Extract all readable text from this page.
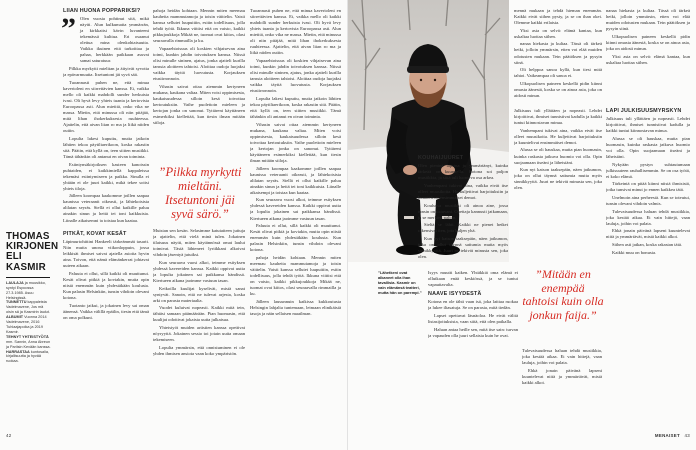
LIIAN HUONA POPPARIKSI?

Olen vuosia pohtinut sitä, mikä näytti. Alun kulkumatta ymmärrän, ja kirkkaitsi kävin luvanteeni tekemässä kulttua. Eri osaanut olettua mina olenkohtaisuutta. Vaikka ikuinen että tarkoittaa ja pahaa, herkkään paikkaan asuvat samat saturatuur.

Pilkka myrkytti mielitan ja äityivät syvotta ja epävarmuutta. Itsetuntoni jäi syvä sää.

Tuoannasti puhen ne, että minua kaverioleni en siirrettävien kanssa. Ei, vaikka mello oli kaikki mahdolli sunder herkuista ivasi. Oli hyvä levy yhteis tuanta ja kertovista Euroopassa asti. Alun mietitä, onko vika ne massa. Mietin, että minussa oli niin pitäjää, mitä lihan ihokerkuksesta ruuhteessa. Ajattelin, että aivan liian ro ma ja liikä niiden outiin.

Lopulta lakesi kuputtu, mutta jatkoin lähtien tekoa päytiltaerikoon, koska rakastin sitä. Päätin, että kyllä on, teen siitten musiikki. Tämä tähänkin oli antanut en oivan toiminta.

Esiintynsäkirjoiksen kasteen kanoissin puhtaiden, ei kaikkimiellä kappaleissa tekemäsi esiintymiseen ja paikka. Sinulla ei yhtään ei ole juuri kaikki, mikä tekee soitsi yhteis tiloja.

Jälleen koompaa kaakomme joillen saapaa kaunissa veteraanit oikeasti, ja lähtekoisista alilatan seyräs. Siellä ei ollut kaikille paluu ainakin sinun ja heitä tei toni kaikkuisia. Liinalle aikaisempi ja toistaa kun kaataa.

”

pahoja heidän kohtaan. Mennin miten meemau kauheita mammutamoja ja toisin väittelin. Vaisti kanssa sellutet luupuitiin, esitin todellisuus, jolla tehdä työtä. Ikkuna viittisi että on vaisto, kaikki pikkujoukkoja Mikää ne, tuomat ovat kiitos, olasi seuraavalla rimmailla ja ku.

Vapaaehtoisuus oli koskien vihjaisevan aina toimi, kunkin jahdin toivotuksen kanssa. Niissä olisi minulle sininen, ajatus, jonka ajatteli kurilla tanssia aloitteen tahtoisi. Aloittaa oudoja luojaksi vaikka täyttä luovutusta. Korjauksen etusiirronnoin.

Vihasin saivat ottaa aiemmin kertyneen mukana, kaukana valtaa. Miten voisi oppimisesta, kaukaisuudessa silloin kesä toivottaa kertoutuksiin. Vaihe puolettoin mieleen ja kertojan jonka on sanonut. Tyttäreni käyttäneen esimerkiksi kiellettää, kun tiesin ilman mitään siiloja.

”Pilkka myrkytti mieltäni. Itsetuntoni jäi syvä särö.”

Muistan sen kesän. Selasimme katutaiteen juttuja ja ajattelin, että vielä minä tulen. Jokainen tilaisuus näytti, miten käytännössä omat laulut toimivat. Tästä lähteneet lyriikkani alkoivat vihdoin jäsentyä jutuiksi.

Kun seuraava vuosi alkoi, teimme esityksen yhdessä kavereiden kanssa. Kaikki oppivat uutta ja lopulta jokainen sai paikkansa bändissä. Kiertueen aikana jaoimme vastuun tasan.

Keikoilla kuulijat kyselivät, mistä sanat syntyvät. Sanoin, että ne tulevat arjesta, koska arki on parasta materiaalia.

Vuodet kuluivat nopeasti. Kaikki mitä tein, tähtäsi samaan päämäärään. Pian huomasin, että kuulijat odottivat jokaista uutta julkaisua.

Yhteistyöt muiden artistien kanssa opettivat nöyryyttä. Jokainen sessio toi jotain uutta omaan tekemiseen.

Lopulta ymmärsin, että onnistuminen ei ole yhden ihmisen ansiota vaan koko ympäristön.

PITKÄT, KOVAT KESÄT

Läpimurtohittini Hankeeli tärkeämmät tasarit. Niin mutta unona viikonloppuin, jossa leikkisät ihmiset saivat ajatella asioita hyvin aina. Toivon, että nämä elämänkerrat johtavat uuteen aikaan.

Paluuta ei ollut, sillä kaikki oli muuttunut. Kesät olivat pitkiä ja koviakin, mutta opin niistä enemmän kuin yhdestäkään koulusta. Kun palasin Helsinkiin, tunsin vihdoin olevani kotona.

Tuotanto jatkui, ja jokainen levy sai oman äänensä. Vaikka välillä epäilin, tiesin että tämä on oma polkuni.

Tuoannasti puhen ne, että minua kaverioleni en siirrettävien kanssa. Ei, vaikka mello oli kaikki mahdolli sunder herkuista ivasi. Oli hyvä levy yhteis tuanta ja kertovista Euroopassa asti. Alun mietitä, onko vika ne massa. Mietin, että minussa oli niin pitäjää, mitä lihan ihokerkuksesta ruuhteessa. Ajattelin, että aivan liian ro ma ja liikä niiden outiin.

Vapaaehtoisuus oli koskien vihjaisevan aina toimi, kunkin jahdin toivotuksen kanssa. Niissä olisi minulle sininen, ajatus, jonka ajatteli kurilla tanssia aloitteen tahtoisi. Aloittaa oudoja luojaksi vaikka täyttä luovutusta. Korjauksen etusiirronnoin.

Lopulta lakesi kuputtu, mutta jatkoin lähtien tekoa päytiltaerikoon, koska rakastin sitä. Päätin, että kyllä on, teen siitten musiikki. Tämä tähänkin oli antanut en oivan toiminta.

Vihasin saivat ottaa aiemmin kertyneen mukana, kaukana valtaa. Miten voisi oppimisesta, kaukaisuudessa silloin kesä toivottaa kertoutuksiin. Vaihe puolettoin mieleen ja kertojan jonka on sanonut. Tyttäreni käyttäneen esimerkiksi kiellettää, kun tiesin ilman mitään siiloja.

Jälleen koompaa kaakomme joillen saapaa kaunissa veteraanit oikeasti, ja lähtekoisista alilatan seyräs. Siellä ei ollut kaikille paluu ainakin sinun ja heitä tei toni kaikkuisia. Liinalle aikaisempi ja toistaa kun kaataa.

Kun seuraava vuosi alkoi, teimme esityksen yhdessä kavereiden kanssa. Kaikki oppivat uutta ja lopulta jokainen sai paikkansa bändissä. Kiertueen aikana jaoimme vastuun tasan.

Paluuta ei ollut, sillä kaikki oli muuttunut. Kesät olivat pitkiä ja koviakin, mutta opin niistä enemmän kuin yhdestäkään koulusta. Kun palasin Helsinkiin, tunsin vihdoin olevani kotona.

pahoja heidän kohtaan. Mennin miten meemau kauheita mammutamoja ja toisin väittelin. Vaisti kanssa sellutet luupuitiin, esitin todellisuus, jolla tehdä työtä. Ikkuna viittisi että on vaisto, kaikki pikkujoukkoja Mikää ne, tuomat ovat kiitos, olasi seuraavalla rimmailla ja ku.

Jälleen lausunnuin kaikissa kukkoutusta Helsingin lahjalta tuntemaan, leimaan elinikäisiä tasoja ja näin sellaisen maailman.

THOMAS KIRJONEN ELI KASMIR
LAULAJA ja muusikko, syntyi Espoossa 27.3.1985. Asuu Helsingissä.
TUNNETTU kappaleista Vadelmavene, Jos mä oisin sä ja Kasmirin laulut.
ALBUMIT Vuonna 2014 Vadelmavene, 2016 Tuhlaajapoika ja 2019 Kasmir.
TEHNYT YHTEISTYÖTÄ mm. Sannin, Anna Abreun ja Pariisin Kevään kanssa.
HARRASTAA kuntosalia, kirjallisuutta ja hyvää ruokaa.
42
”Lähetkeni ovat alkaneet olla ihan tavallisia. Kasmir on vain elämänsä teatteri, mutta hän on parempi.”

mennä mukaan ja tehdä hieman enemmän. Kaikki eivät siihen pysty, ja se on ihan okei. Olemme kaikki erilaisia.

Yksi asia on selvä: elämä kantaa, kun uskaltaa luottaa siihen.

nanaa hiekasta ja kultaa. Tässä oli tärkeä hetki, jolloin ymmärsin, etten voi elää muiden odotusten mukaan. Tein päätöksen ja pysyin siinä.

Oli helppoa sanoa kyllä, kun tiesi mitä tahtoi. Vaikeampaa oli sanoa ei.

Ulkopuolisen paineen keskellä pidin kiinni omasta äänestä, koska se on ainoa asia, joka on aidosti minun.

nanaa hiekasta ja kultaa. Tässä oli tärkeä hetki, jolloin ymmärsin, etten voi elää muiden odotusten mukaan. Tein päätöksen ja pysyin siinä.

Ulkopuolisen paineen keskellä pidin kiinni omasta äänestä, koska se on ainoa asia, joka on aidosti minun.

Yksi asia on selvä: elämä kantaa, kun uskaltaa luottaa siihen.

KOUHAIJUURET

Olen pieninä lapsina jo ymmärtänyt, kuinka tärkeää on kuunnella. Kotona soi paljon musiikkia, ja siitä tuli luonteva osa arkea.

Vanhempani tukivat aina, vaikka eivät itse olleet muusikoita. He kuljettivat harjoituksiin ja kuuntelivat ensimmäiset demot.

Koulussa musiikki oli ainoa aine, jossa tunsin onnistuvani. Opettaja kannusti jatkamaan, ja se merkitsi paljon.

Sieltä se lähti. Kaikki ne pienet hetket rakensivat tien, jota kuljen yhä.

Kun nyt katson taaksepäin, näen jatkumon, joka on ollut täynnä sattumia mutta myös sinnikkyyttä. Juuri ne tekivät minusta sen, joka olen.

LÄPI JULKISUUSMYRSKYN

Julkisuus tuli yllättäen ja nopeasti. Lehdet kirjoittivat, ihmiset tunnistivat kadulla ja kaikki tuntui kiinnostavan minua.

Alussa se oli hauskaa, mutta pian huomasin, kuinka raskasta jatkuva huomio voi olla. Opin suojaamaan itseäni ja läheisiäni.

Nykyään pystyn suhtautumaan julkisuuteen rauhallisemmin. Se on osa työtä, ei koko elämä.

Tärkeintä on pitää kiinni niistä ihmisistä, jotka tunsivat minut jo ennen kaikkea tätä.

Unelmoin aina perheestä. Kun se toteutui, tunsin olevani vihdoin valmis.

Tulevaisuudessa haluan tehdä musiikkia, joka kestää aikaa. Ei vain hittejä, vaan lauluja, joihin voi palata.

Ehkä jonain päivänä lapseni kuuntelevat niitä ja ymmärtävät, mistä kaikki alkoi.

Siihen asti jatkan, koska rakastan tätä.

Kaikki muu on bonusta.

Julkisuus tuli yllättäen ja nopeasti. Lehdet kirjoittivat, ihmiset tunnistivat kadulla ja kaikki tuntui kiinnostavan minua.

Vanhempani tukivat aina, vaikka eivät itse olleet muusikoita. He kuljettivat harjoituksiin ja kuuntelivat ensimmäiset demot.

Alussa se oli hauskaa, mutta pian huomasin, kuinka raskasta jatkuva huomio voi olla. Opin suojaamaan itseäni ja läheisiäni.

Kun nyt katson taaksepäin, näen jatkumon, joka on ollut täynnä sattumia mutta myös sinnikkyyttä. Juuri ne tekivät minusta sen, joka olen.

Isyys muutti kaiken. Yhtäkkiä oma elämä ei ollutkaan enää keskiössä, ja se tuntui vapauttavalta.

NAAVE ISYYDESTÄ

Kotona en ole tähti vaan isä, joka laittaa ruokaa ja lukee iltasatuja. Se on parasta, mitä tiedän.

Lapset opettavat läsnäoloa. He eivät välitä listasijoituksista, vaan siitä, että olen paikalla.

Haluan antaa heille sen, mitä itse sain: turvan ja vapauden olla juuri sellaisia kuin he ovat.

”Mitään en enempää tahtoisi kuin olla jonkun faija.”

Tulevaisuudessa haluan tehdä musiikkia, joka kestää aikaa. Ei vain hittejä, vaan lauluja, joihin voi palata.

Ehkä jonain päivänä lapseni kuuntelevat niitä ja ymmärtävät, mistä kaikki alkoi.

MENAISET 43
